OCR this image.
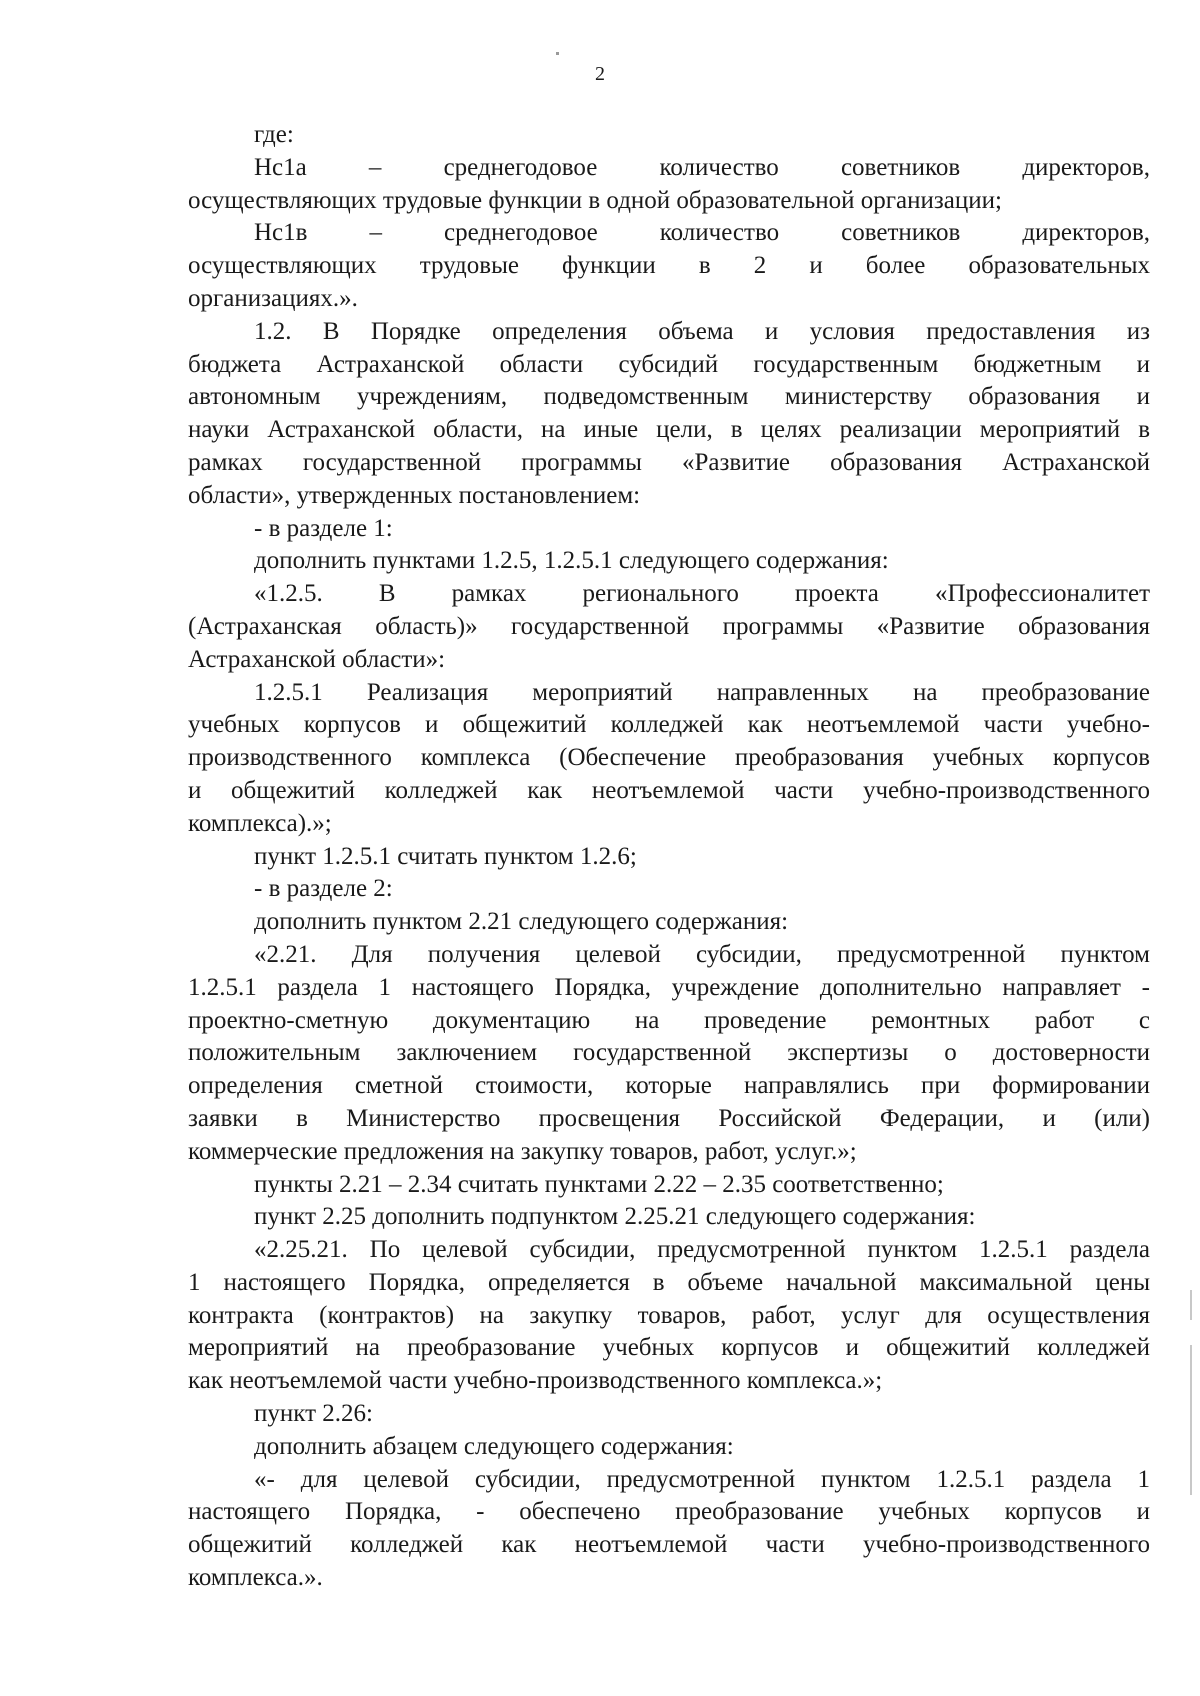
2
где:
Нс1а – среднегодовое количество советников директоров,
осуществляющих трудовые функции в одной образовательной организации;
Нс1в – среднегодовое количество советников директоров,
осуществляющих трудовые функции в 2 и более образовательных
организациях.».
1.2. В Порядке определения объема и условия предоставления из
бюджета Астраханской области субсидий государственным бюджетным и
автономным учреждениям, подведомственным министерству образования и
науки Астраханской области, на иные цели, в целях реализации мероприятий в
рамках государственной программы «Развитие образования Астраханской
области», утвержденных постановлением:
- в разделе 1:
дополнить пунктами 1.2.5, 1.2.5.1 следующего содержания:
«1.2.5. В рамках регионального проекта «Профессионалитет
(Астраханская область)» государственной программы «Развитие образования
Астраханской области»:
1.2.5.1 Реализация мероприятий направленных на преобразование
учебных корпусов и общежитий колледжей как неотъемлемой части учебно-
производственного комплекса (Обеспечение преобразования учебных корпусов
и общежитий колледжей как неотъемлемой части учебно-производственного
комплекса).»;
пункт 1.2.5.1 считать пунктом 1.2.6;
- в разделе 2:
дополнить пунктом 2.21 следующего содержания:
«2.21. Для получения целевой субсидии, предусмотренной пунктом
1.2.5.1 раздела 1 настоящего Порядка, учреждение дополнительно направляет -
проектно-сметную документацию на проведение ремонтных работ с
положительным заключением государственной экспертизы о достоверности
определения сметной стоимости, которые направлялись при формировании
заявки в Министерство просвещения Российской Федерации, и (или)
коммерческие предложения на закупку товаров, работ, услуг.»;
пункты 2.21 – 2.34 считать пунктами 2.22 – 2.35 соответственно;
пункт 2.25 дополнить подпунктом 2.25.21 следующего содержания:
«2.25.21. По целевой субсидии, предусмотренной пунктом 1.2.5.1 раздела
1 настоящего Порядка, определяется в объеме начальной максимальной цены
контракта (контрактов) на закупку товаров, работ, услуг для осуществления
мероприятий на преобразование учебных корпусов и общежитий колледжей
как неотъемлемой части учебно-производственного комплекса.»;
пункт 2.26:
дополнить абзацем следующего содержания:
«- для целевой субсидии, предусмотренной пунктом 1.2.5.1 раздела 1
настоящего Порядка, - обеспечено преобразование учебных корпусов и
общежитий колледжей как неотъемлемой части учебно-производственного
комплекса.».
